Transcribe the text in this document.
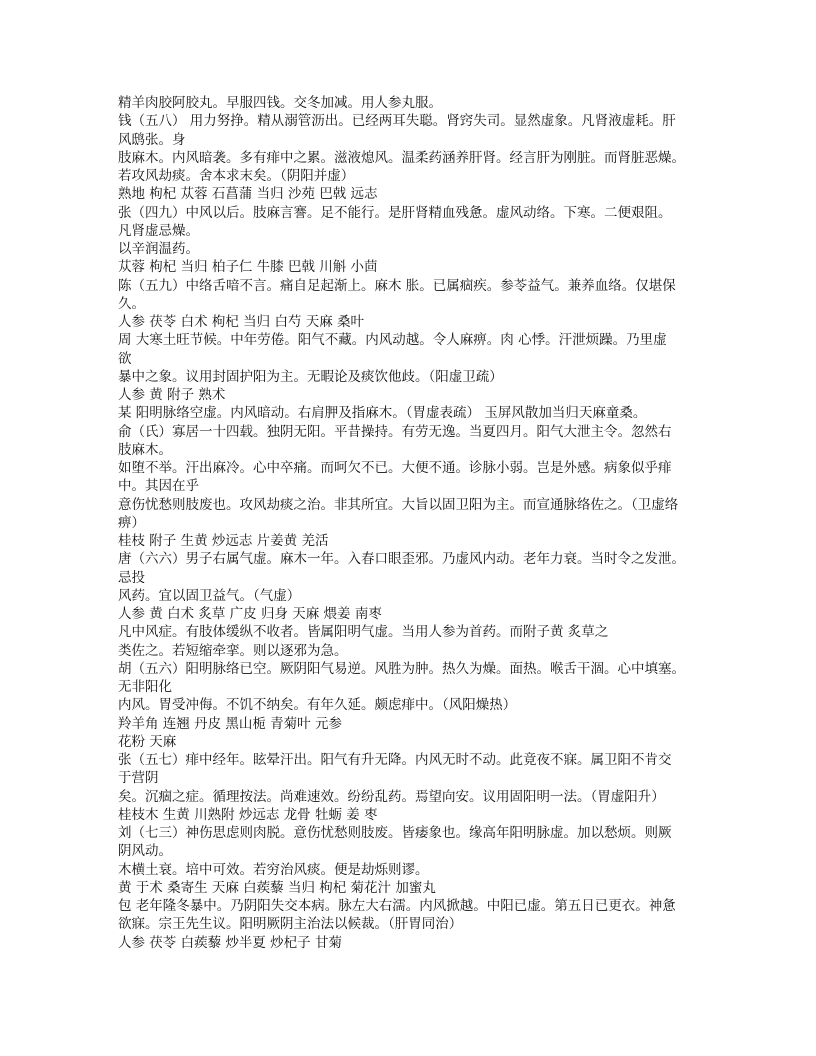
精羊肉胶阿胶丸。早服四钱。交冬加减。用人参丸服。
钱（五八） 用力努挣。精从溺管沥出。已经两耳失聪。肾窍失司。显然虚象。凡肾液虚耗。肝
风鸱张。身
肢麻木。内风暗袭。多有痱中之累。滋液熄风。温柔药涵养肝肾。经言肝为刚脏。而肾脏恶燥。
若攻风劫痰。舍本求末矣。（阴阳并虚）
熟地 枸杞 苁蓉 石菖蒲 当归 沙苑 巴戟 远志
张（四九）中风以后。肢麻言謇。足不能行。是肝肾精血残惫。虚风动络。下寒。二便艰阻。
凡肾虚忌燥。
以辛润温药。
苁蓉 枸杞 当归 柏子仁 牛膝 巴戟 川斛 小茴
陈（五九）中络舌喑不言。痛自足起渐上。麻木 胀。已属痼疾。参苓益气。兼养血络。仅堪保
久。
人参 茯苓 白术 枸杞 当归 白芍 天麻 桑叶
周 大寒土旺节候。中年劳倦。阳气不藏。内风动越。令人麻痹。肉 心悸。汗泄烦躁。乃里虚
欲
暴中之象。议用封固护阳为主。无暇论及痰饮他歧。（阳虚卫疏）
人参 黄 附子 熟术
某 阳明脉络空虚。内风暗动。右肩胛及指麻木。（胃虚表疏） 玉屏风散加当归天麻童桑。
俞（氏）寡居一十四载。独阴无阳。平昔操持。有劳无逸。当夏四月。阳气大泄主令。忽然右
肢麻木。
如堕不举。汗出麻冷。心中卒痛。而呵欠不已。大便不通。诊脉小弱。岂是外感。病象似乎痱
中。其因在乎
意伤忧愁则肢废也。攻风劫痰之治。非其所宜。大旨以固卫阳为主。而宣通脉络佐之。（卫虚络
痹）
桂枝 附子 生黄 炒远志 片姜黄 羌活
唐（六六）男子右属气虚。麻木一年。入春口眼歪邪。乃虚风内动。老年力衰。当时令之发泄。
忌投
风药。宜以固卫益气。（气虚）
人参 黄 白术 炙草 广皮 归身 天麻 煨姜 南枣
凡中风症。有肢体缓纵不收者。皆属阳明气虚。当用人参为首药。而附子黄 炙草之
类佐之。若短缩牵挛。则以逐邪为急。
胡（五六）阳明脉络已空。厥阴阳气易逆。风胜为肿。热久为燥。面热。喉舌干涸。心中填塞。
无非阳化
内风。胃受冲侮。不饥不纳矣。有年久延。颇虑痱中。（风阳燥热）
羚羊角 连翘 丹皮 黑山栀 青菊叶 元参
花粉 天麻
张（五七）痱中经年。眩晕汗出。阳气有升无降。内风无时不动。此竟夜不寐。属卫阳不肯交
于营阴
矣。沉痼之症。循理按法。尚难速效。纷纷乱药。焉望向安。议用固阳明一法。（胃虚阳升）
桂枝木 生黄 川熟附 炒远志 龙骨 牡蛎 姜 枣
刘（七三）神伤思虑则肉脱。意伤忧愁则肢废。皆痿象也。缘高年阳明脉虚。加以愁烦。则厥
阴风动。
木横土衰。培中可效。若穷治风痰。便是劫烁则谬。
黄 于术 桑寄生 天麻 白蒺藜 当归 枸杞 菊花汁 加蜜丸
包 老年隆冬暴中。乃阴阳失交本病。脉左大右濡。内风掀越。中阳已虚。第五日已更衣。神惫
欲寐。宗王先生议。阳明厥阴主治法以候裁。（肝胃同治）
人参 茯苓 白蒺藜 炒半夏 炒杞子 甘菊
